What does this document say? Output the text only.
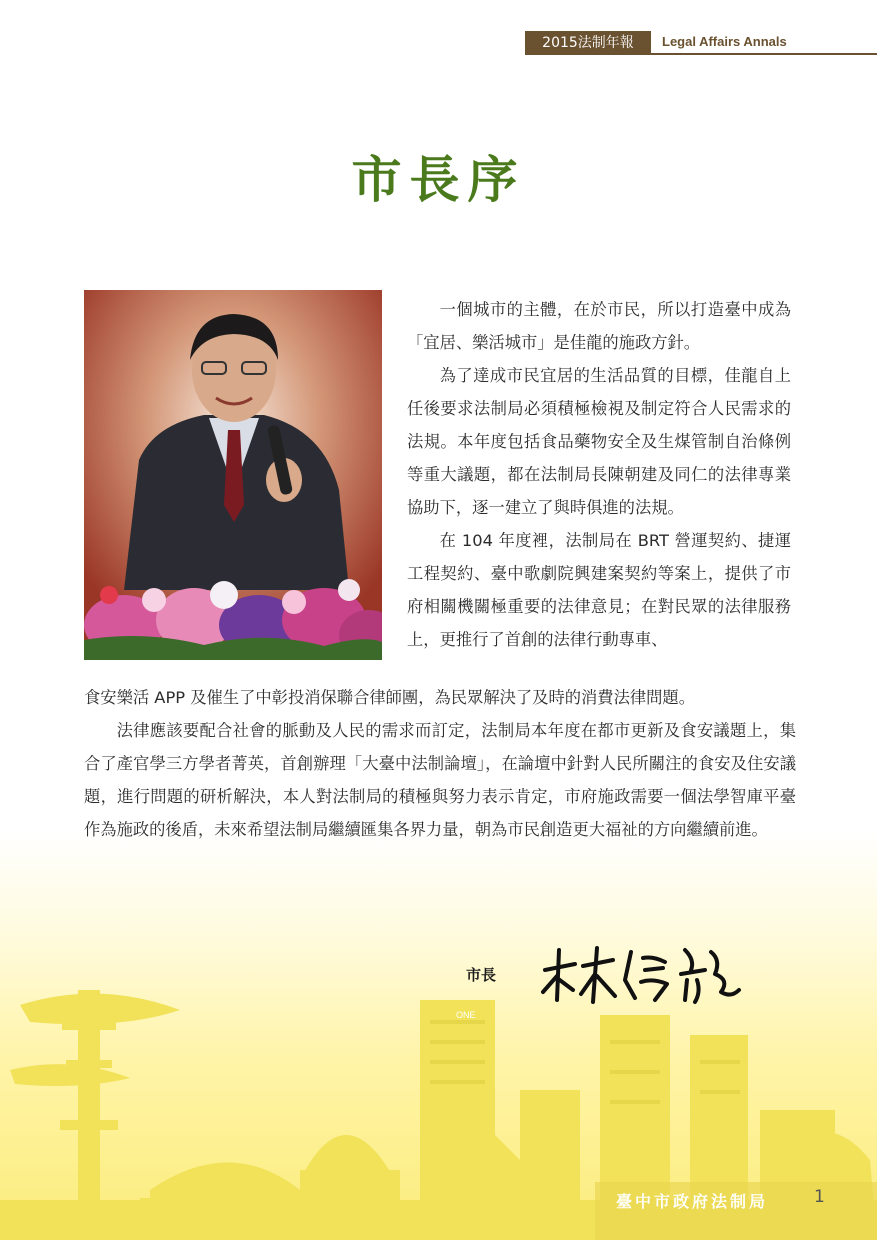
2015法制年報	Legal Affairs Annals
市長序

一個城市的主體，在於市民，所以打造臺中成為「宜居、樂活城市」是佳龍的施政方針。

為了達成市民宜居的生活品質的目標，佳龍自上任後要求法制局必須積極檢視及制定符合人民需求的法規。本年度包括食品藥物安全及生煤管制自治條例等重大議題，都在法制局長陳朝建及同仁的法律專業協助下，逐一建立了與時俱進的法規。

在 104 年度裡，法制局在 BRT 營運契約、捷運工程契約、臺中歌劇院興建案契約等案上，提供了市府相關機關極重要的法律意見；在對民眾的法律服務上，更推行了首創的法律行動專車、

食安樂活 APP 及催生了中彰投消保聯合律師團，為民眾解決了及時的消費法律問題。

法律應該要配合社會的脈動及人民的需求而訂定，法制局本年度在都市更新及食安議題上，集合了產官學三方學者菁英，首創辦理「大臺中法制論壇」，在論壇中針對人民所關注的食安及住安議題，進行問題的研析解決，本人對法制局的積極與努力表示肯定，市府施政需要一個法學智庫平臺作為施政的後盾，未來希望法制局繼續匯集各界力量，朝為市民創造更大福祉的方向繼續前進。

市長
ONE
臺中市政府法制局	1
